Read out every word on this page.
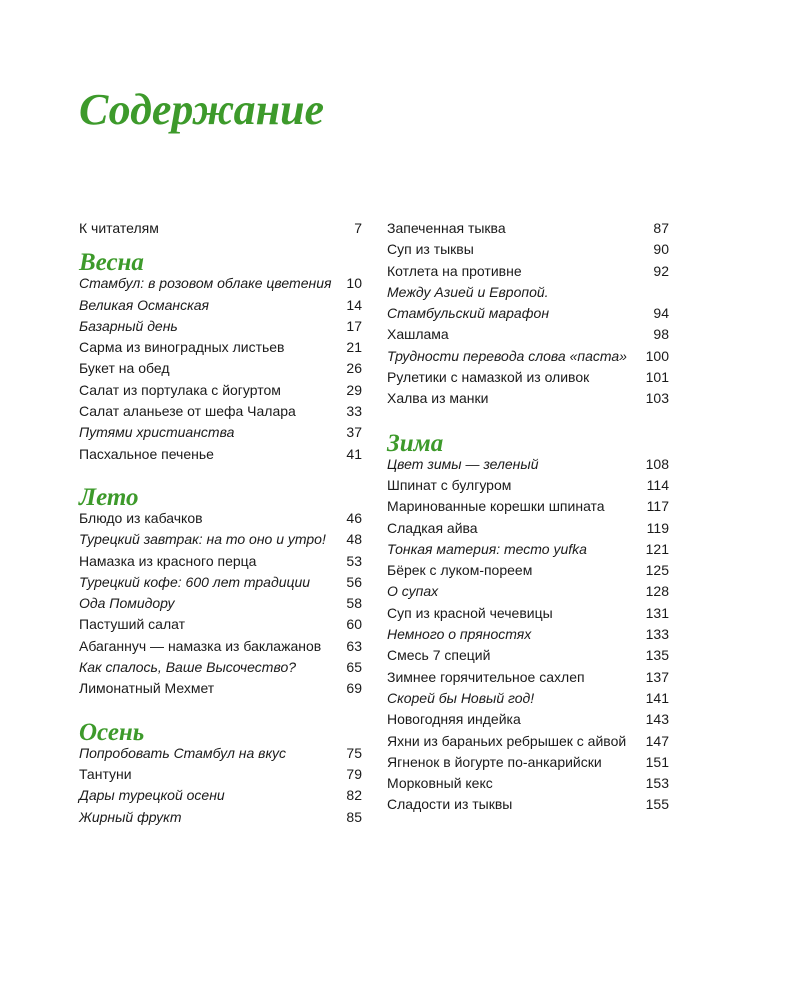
Содержание
К читателям	7
Весна
Стамбул: в розовом облаке цветения 10
Великая Османская	14
Базарный день	17
Сарма из виноградных листьев	21
Букет на обед	26
Салат из портулака с йогуртом	29
Салат аланьезе от шефа Чалара	33
Путями христианства	37
Пасхальное печенье	41
Лето
Блюдо из кабачков	46
Турецкий завтрак: на то оно и утро! 48
Намазка из красного перца	53
Турецкий кофе: 600 лет традиции	56
Ода Помидору	58
Пастуший салат	60
Абаганнуч — намазка из баклажанов 63
Как спалось, Ваше Высочество?	65
Лимонатный Мехмет	69
Осень
Попробовать Стамбул на вкус	75
Тантуни	79
Дары турецкой осени	82
Жирный фрукт	85
Запеченная тыква	87
Суп из тыквы	90
Котлета на противне	92
Между Азией и Европой.
Стамбульский марафон	94
Хашлама	98
Трудности перевода слова «паста» 100
Рулетики с намазкой из оливок	101
Халва из манки	103
Зима
Цвет зимы — зеленый	108
Шпинат с булгуром	114
Маринованные корешки шпината	117
Сладкая айва	119
Тонкая материя: тесто yufka	121
Бёрек с луком-пореем	125
О супах	128
Суп из красной чечевицы	131
Немного о пряностях	133
Смесь 7 специй	135
Зимнее горячительное сахлеп	137
Скорей бы Новый год!	141
Новогодняя индейка	143
Яхни из бараньих ребрышек с айвой 147
Ягненок в йогурте по-анкарийски	151
Морковный кекс	153
Сладости из тыквы	155
